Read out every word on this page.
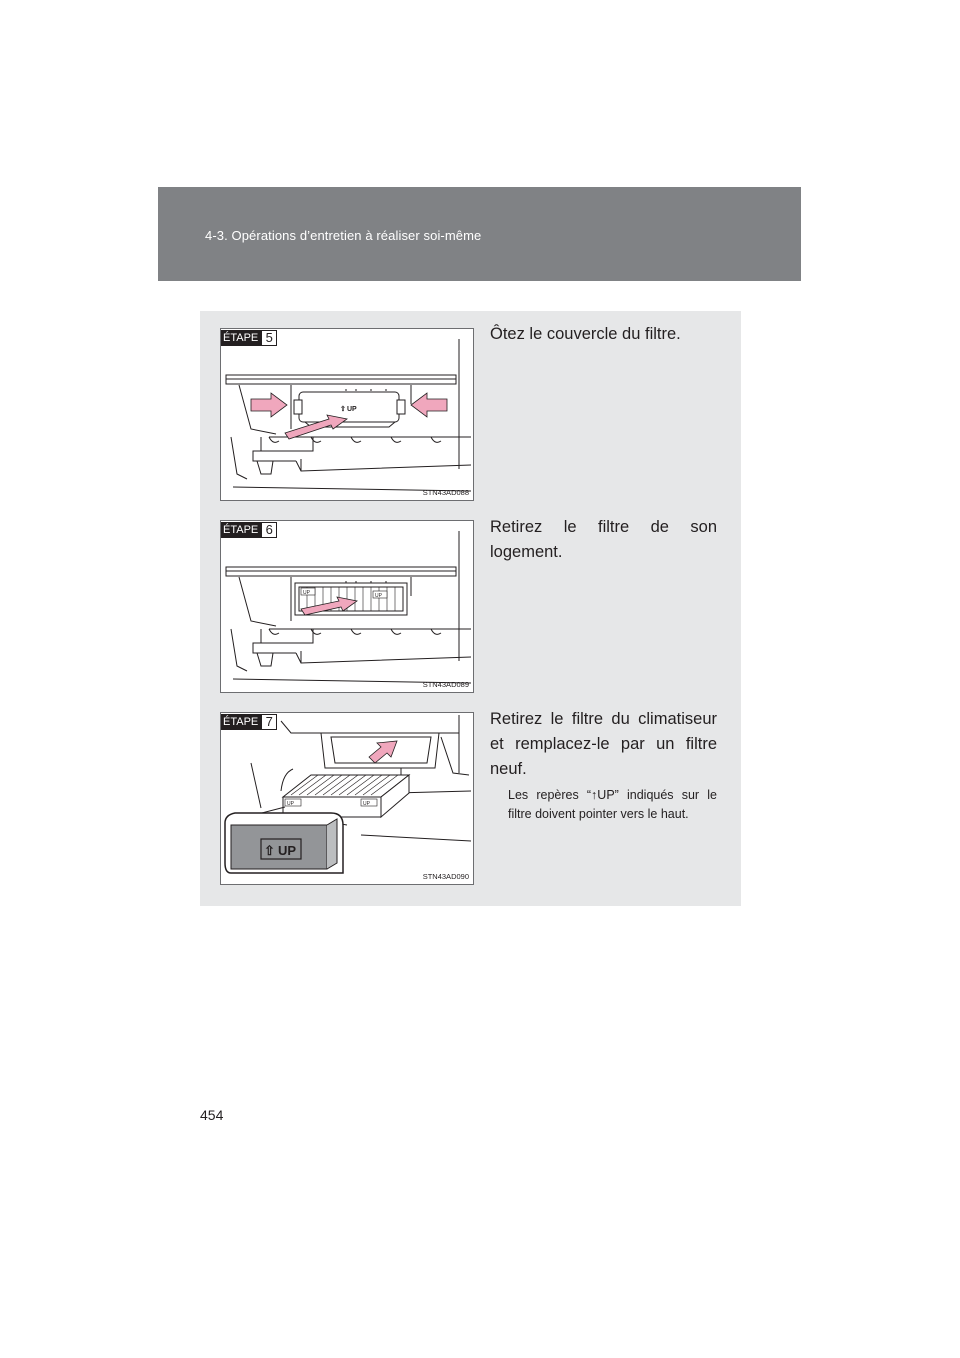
4-3. Opérations d’entretien à réaliser soi-même
⇧ UP
ÉTAPE 5
STN43AD088
Ôtez le couvercle du filtre.
UP	UP
ÉTAPE 6
STN43AD089
Retirez le filtre de son logement.
UP	UP
⇧ UP
ÉTAPE 7
STN43AD090
Retirez le filtre du climatiseur et remplacez-le par un filtre neuf.
Les repères “↑UP” indiqués sur le filtre doivent pointer vers le haut.
454
